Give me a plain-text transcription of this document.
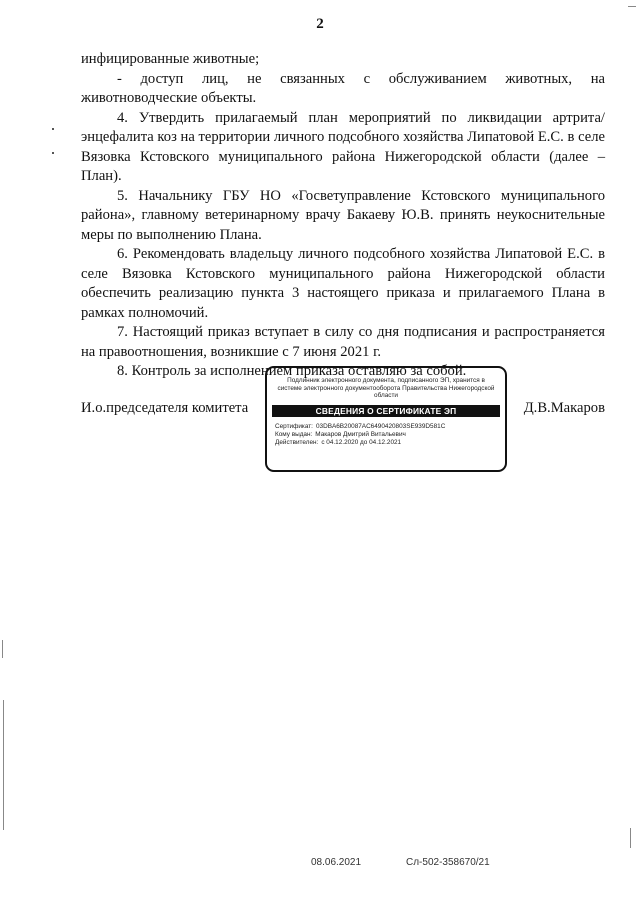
2

инфицированные животные;

- доступ лиц, не связанных с обслуживанием животных, на животноводческие объекты.

4. Утвердить прилагаемый план мероприятий по ликвидации артрита/энцефалита коз на территории личного подсобного хозяйства Липатовой Е.С. в селе Вязовка Кстовского муниципального района Нижегородской области (далее – План).

5. Начальнику ГБУ НО «Госветуправление Кстовского муниципального района», главному ветеринарному врачу Бакаеву Ю.В. принять неукоснительные меры по выполнению Плана.

6. Рекомендовать владельцу личного подсобного хозяйства Липатовой Е.С. в селе Вязовка Кстовского муниципального района Нижегородской области обеспечить реализацию пункта 3 настоящего приказа и прилагаемого Плана в рамках полномочий.

7. Настоящий приказ вступает в силу со дня подписания и распространяется на правоотношения, возникшие с 7 июня 2021 г.

8. Контроль за исполнением приказа оставляю за собой.

И.о.председателя комитета
Подлинник электронного документа, подписанного ЭП, хранится в системе электронного документооборота Правительства Нижегородской области
СВЕДЕНИЯ О СЕРТИФИКАТЕ ЭП
Сертификат: 03DBA6B20087AC6490420803SE939D581C
Кому выдан: Макаров Дмитрий Витальевич
Действителен: с 04.12.2020 до 04.12.2021
Д.В.Макаров
08.06.2021	Сл-502-358670/21
